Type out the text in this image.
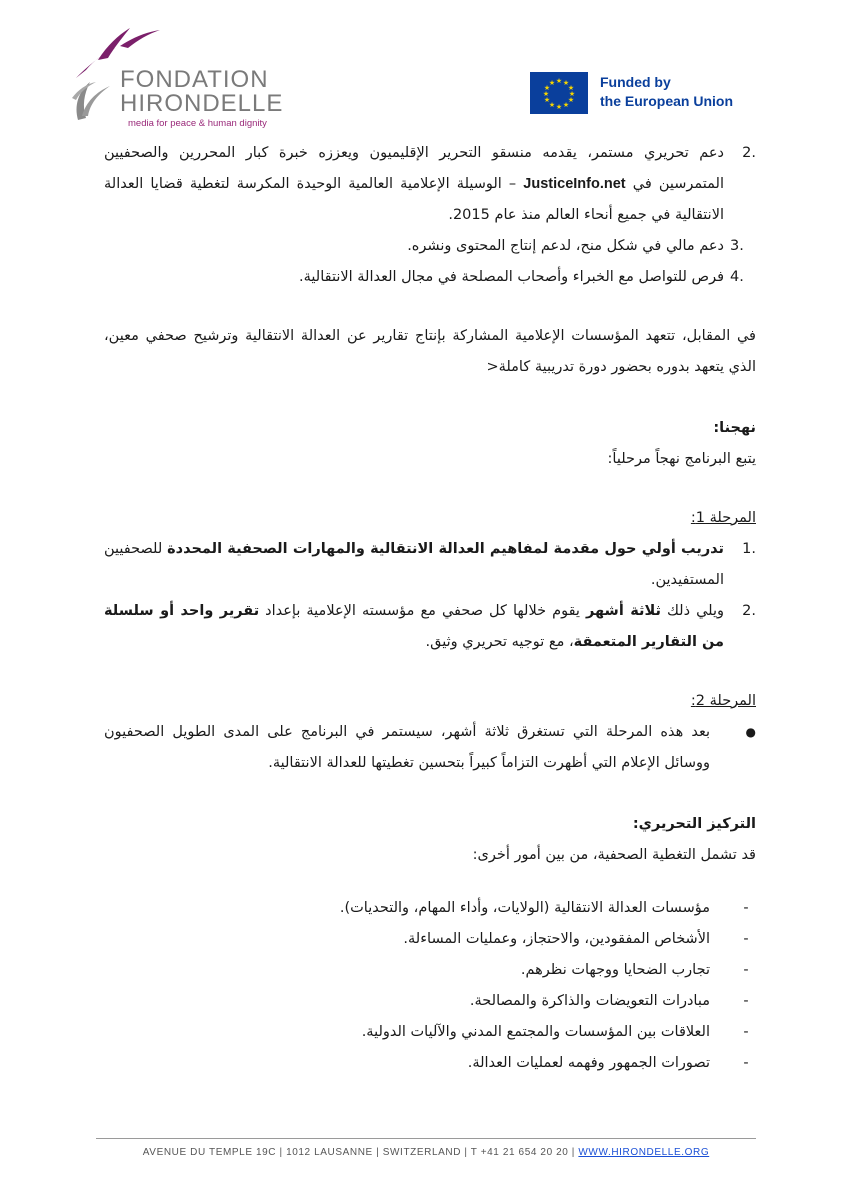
FONDATION
HIRONDELLE
media for peace & human dignity
★ ★
★
★
★
★
★
★
★
★
★
★	Funded by
the European Union
2.
دعم تحريري مستمر، يقدمه منسقو التحرير الإقليميون ويعززه خبرة كبار المحررين والصحفيين المتمرسين في JusticeInfo.net – الوسيلة الإعلامية العالمية الوحيدة المكرسة لتغطية قضايا العدالة الانتقالية في جميع أنحاء العالم منذ عام 2015.
3.
دعم مالي في شكل منح، لدعم إنتاج المحتوى ونشره.
4.
فرص للتواصل مع الخبراء وأصحاب المصلحة في مجال العدالة الانتقالية.

في المقابل، تتعهد المؤسسات الإعلامية المشاركة بإنتاج تقارير عن العدالة الانتقالية وترشيح صحفي معين، الذي يتعهد بدوره بحضور دورة تدريبية كاملة<

نهجنا:
يتبع البرنامج نهجاً مرحلياً:
المرحلة 1:
1.
تدريب أولي حول مقدمة لمفاهيم العدالة الانتقالية والمهارات الصحفية المحددة للصحفيين المستفيدين.
2.
ويلي ذلك ثلاثة أشهر يقوم خلالها كل صحفي مع مؤسسته الإعلامية بإعداد تقرير واحد أو سلسلة من التقارير المتعمقة، مع توجيه تحريري وثيق.
المرحلة 2:
●
بعد هذه المرحلة التي تستغرق ثلاثة أشهر، سيستمر في البرنامج على المدى الطويل الصحفيون ووسائل الإعلام التي أظهرت التزاماً كبيراً بتحسين تغطيتها للعدالة الانتقالية.
التركيز التحريري:
قد تشمل التغطية الصحفية، من بين أمور أخرى:
-
مؤسسات العدالة الانتقالية (الولايات، وأداء المهام، والتحديات).
-
الأشخاص المفقودين، والاحتجاز، وعمليات المساءلة.
-
تجارب الضحايا ووجهات نظرهم.
-
مبادرات التعويضات والذاكرة والمصالحة.
-
العلاقات بين المؤسسات والمجتمع المدني والآليات الدولية.
-
تصورات الجمهور وفهمه لعمليات العدالة.
AVENUE DU TEMPLE 19C | 1012 LAUSANNE | SWITZERLAND | T +41 21 654 20 20 | WWW.HIRONDELLE.ORG
